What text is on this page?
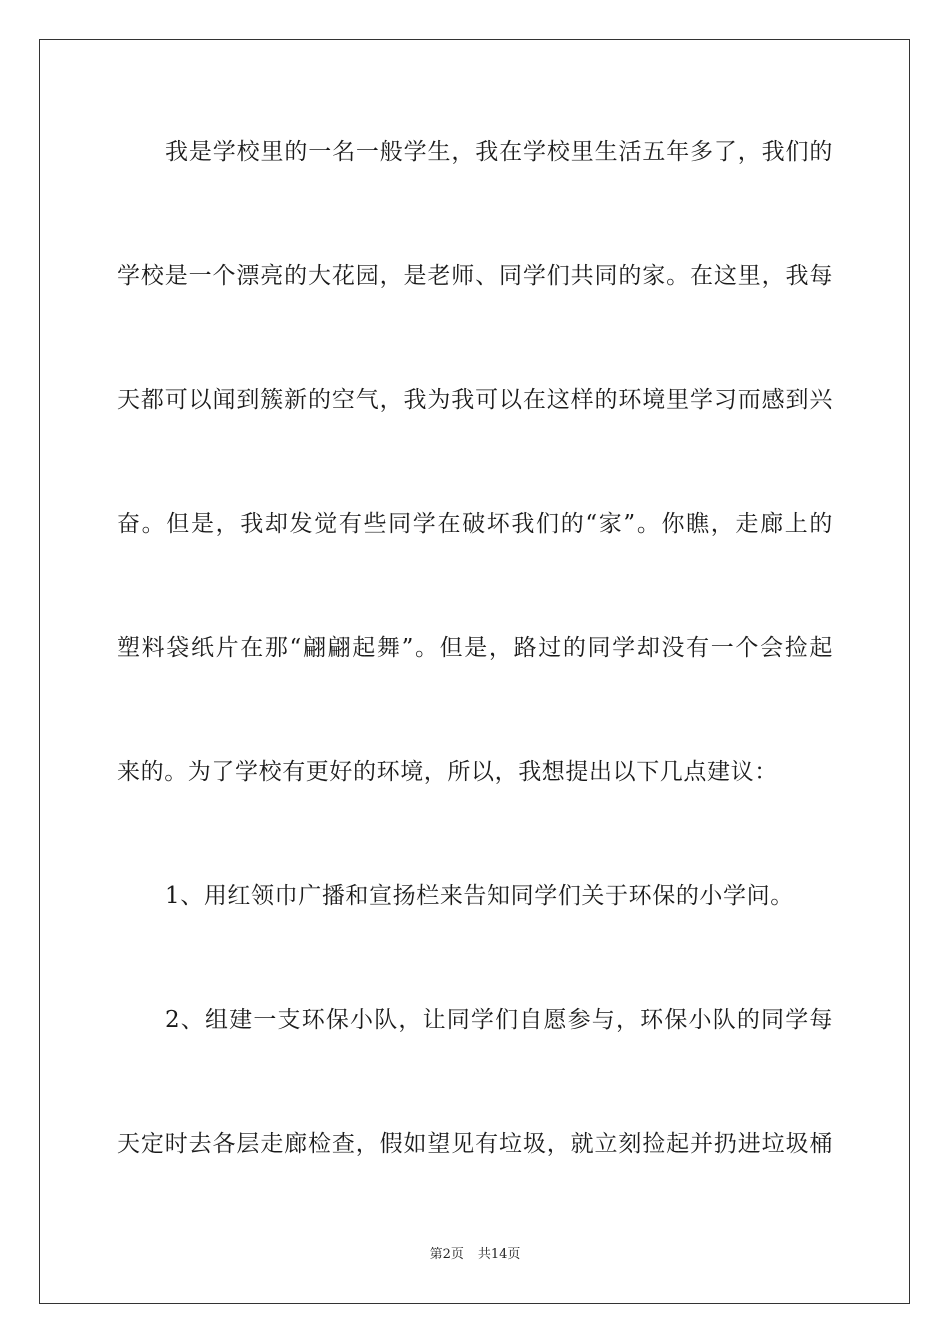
我是学校里的一名一般学生，我在学校里生活五年多了，我们的
学校是一个漂亮的大花园，是老师、同学们共同的家。在这里，我每
天都可以闻到簇新的空气，我为我可以在这样的环境里学习而感到兴
奋。但是，我却发觉有些同学在破坏我们的“家”。你瞧，走廊上的
塑料袋纸片在那“翩翩起舞”。但是，路过的同学却没有一个会捡起
来的。为了学校有更好的环境，所以，我想提出以下几点建议：
1、用红领巾广播和宣扬栏来告知同学们关于环保的小学问。
2、组建一支环保小队，让同学们自愿参与，环保小队的同学每
天定时去各层走廊检查，假如望见有垃圾，就立刻捡起并扔进垃圾桶
第2页 共14页
